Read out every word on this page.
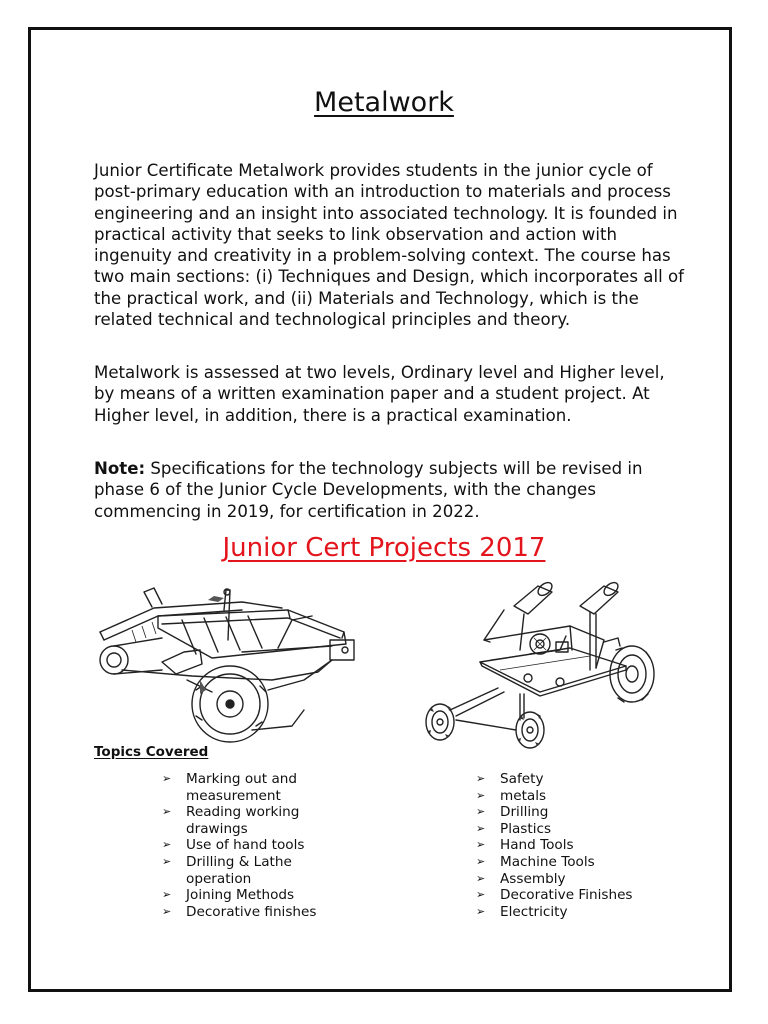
Metalwork

Junior Certificate Metalwork provides students in the junior cycle of post-primary education with an introduction to materials and process engineering and an insight into associated technology. It is founded in practical activity that seeks to link observation and action with ingenuity and creativity in a problem-solving context. The course has two main sections: (i) Techniques and Design, which incorporates all of the practical work, and (ii) Materials and Technology, which is the related technical and technological principles and theory.

Metalwork is assessed at two levels, Ordinary level and Higher level, by means of a written examination paper and a student project. At Higher level, in addition, there is a practical examination.

Note: Specifications for the technology subjects will be revised in phase 6 of the Junior Cycle Developments, with the changes commencing in 2019, for certification in 2022.

Junior Cert Projects 2017
Topics Covered
➢ Marking out and measurement
➢ Reading working drawings
➢ Use of hand tools
➢ Drilling & Lathe operation
➢ Joining Methods
➢ Decorative finishes
➢ Safety
➢ metals
➢ Drilling
➢ Plastics
➢ Hand Tools
➢ Machine Tools
➢ Assembly
➢ Decorative Finishes
➢ Electricity
